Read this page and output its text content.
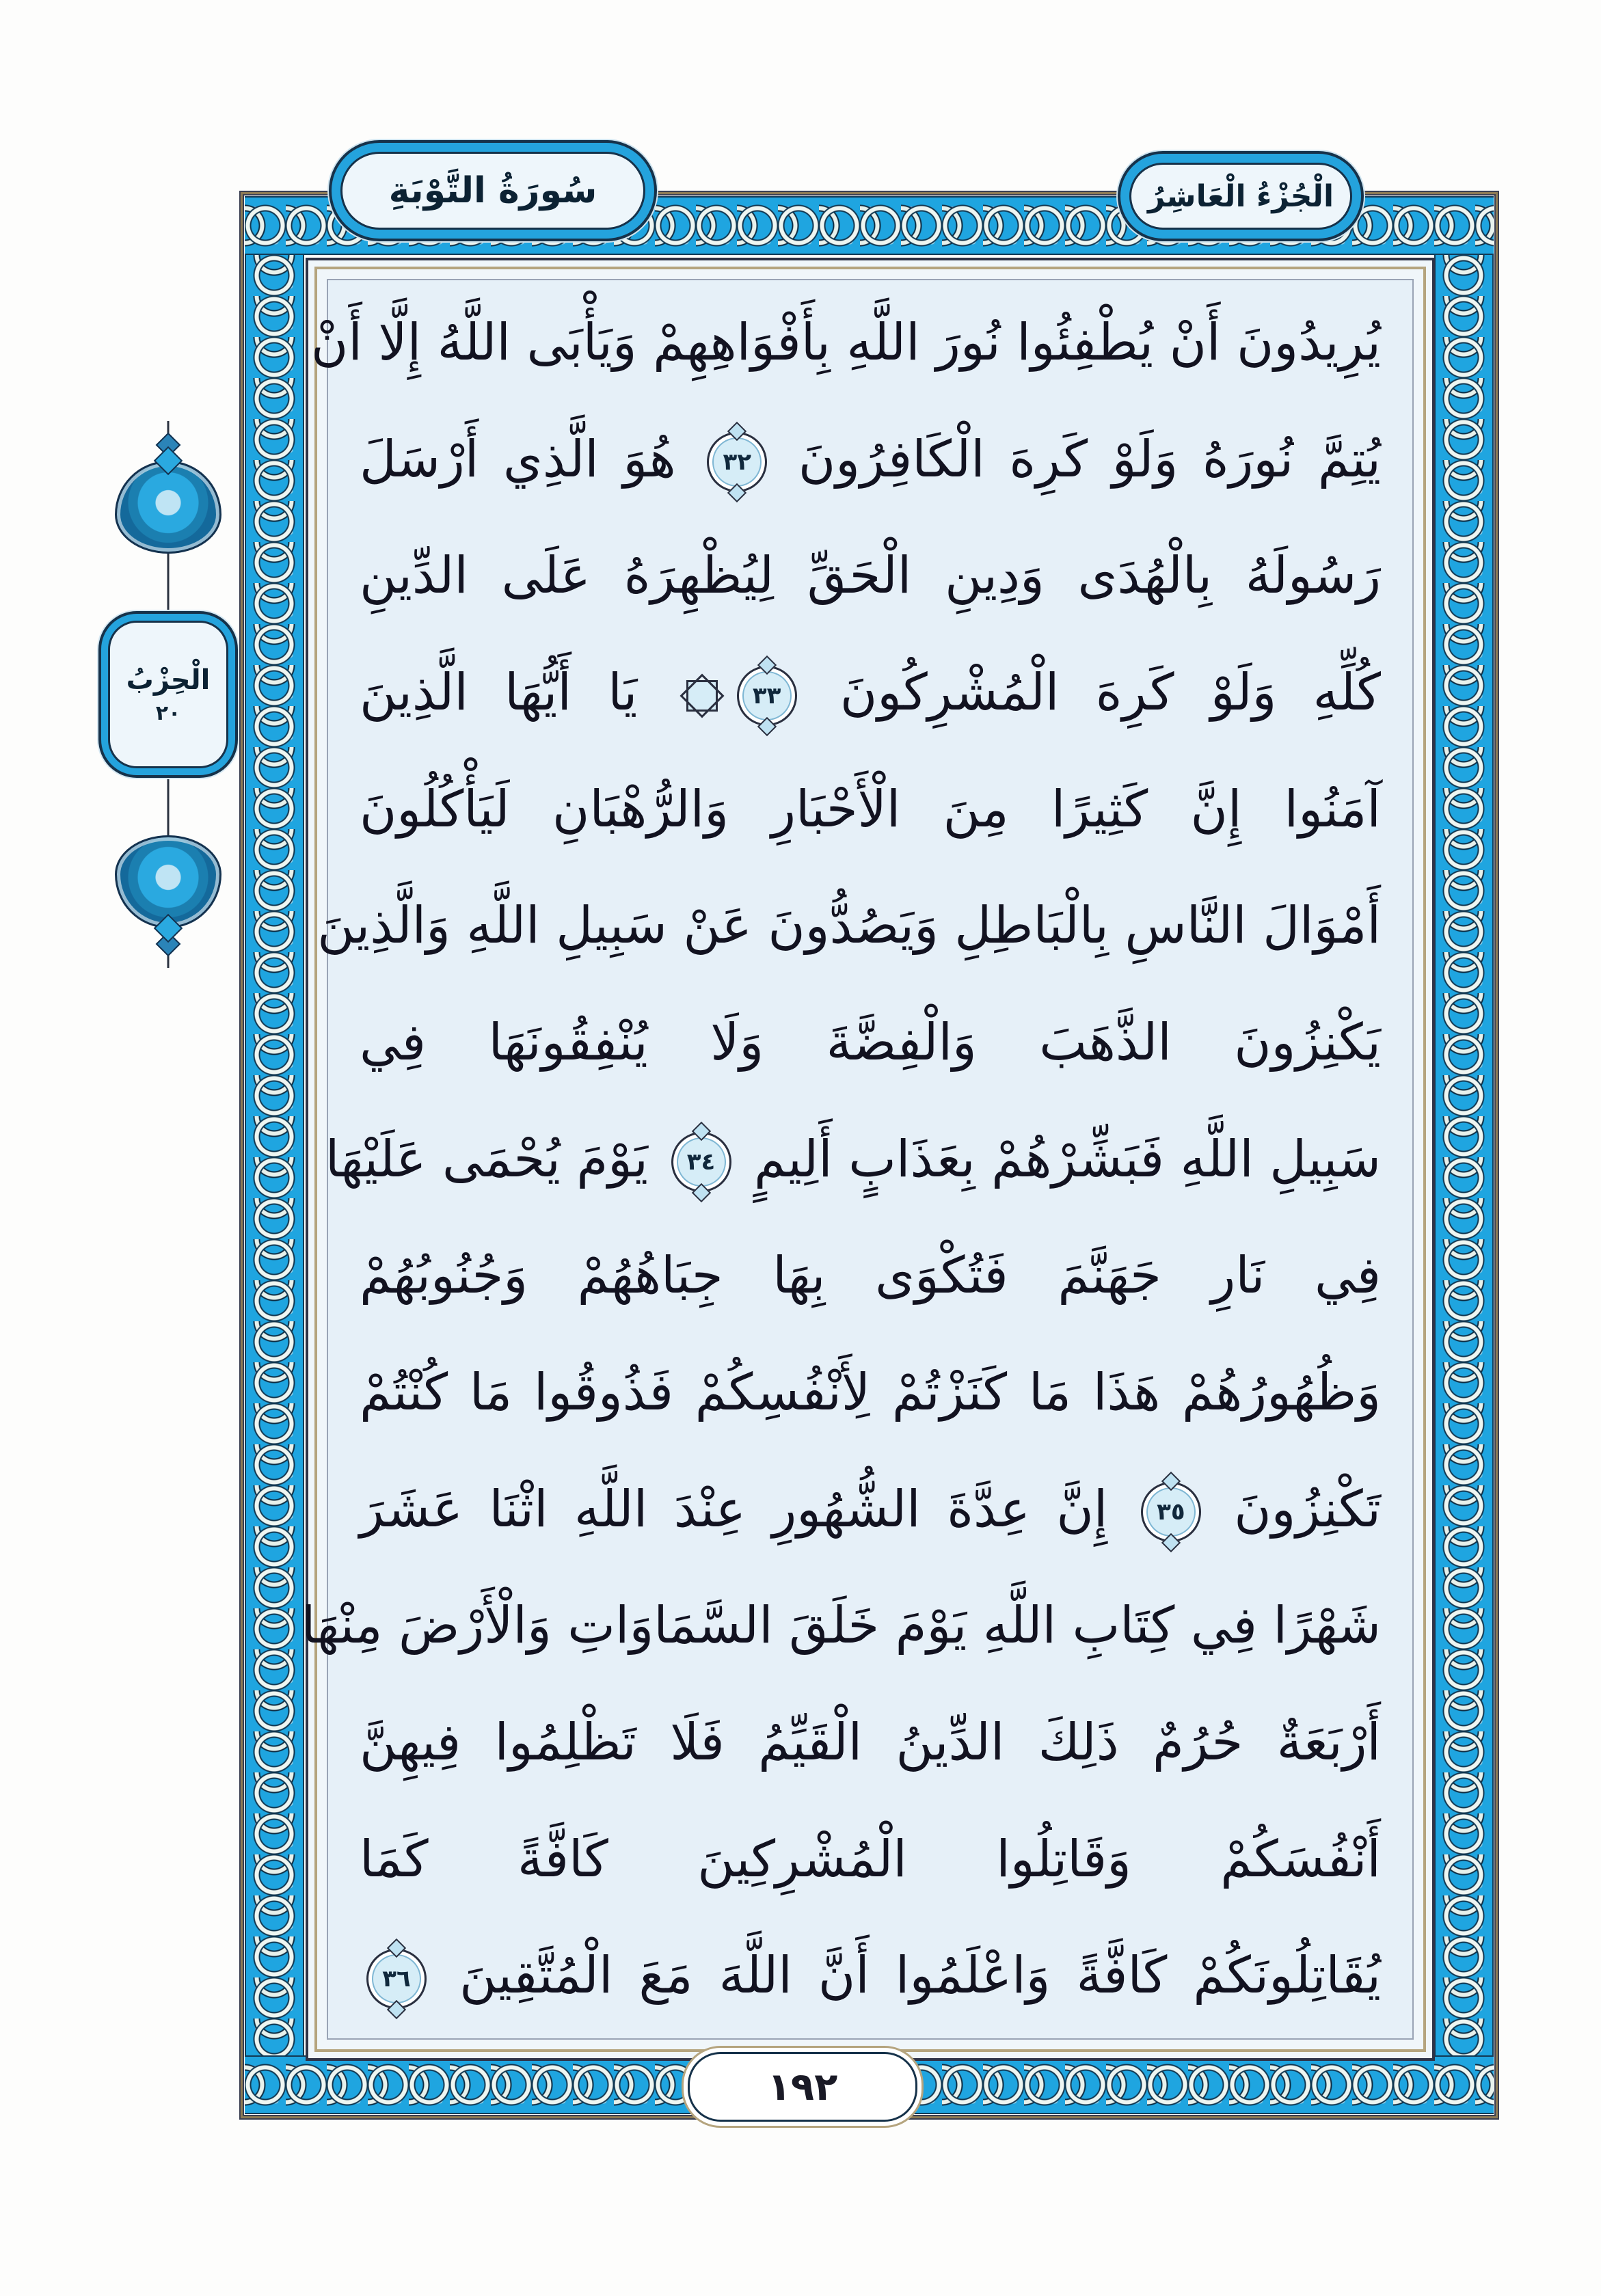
سُورَةُ التَّوْبَةِ	الْجُزْءُ الْعَاشِرُ
الْحِزْبُ
٢٠
يُرِيدُونَ أَنْ يُطْفِئُوا نُورَ اللَّهِ بِأَفْوَاهِهِمْ وَيَأْبَى اللَّهُ إِلَّا أَنْ
يُتِمَّ نُورَهُ وَلَوْ كَرِهَ الْكَافِرُونَ
٣٢
هُوَ الَّذِي أَرْسَلَ
رَسُولَهُ بِالْهُدَى وَدِينِ الْحَقِّ لِيُظْهِرَهُ عَلَى الدِّينِ
كُلِّهِ وَلَوْ كَرِهَ الْمُشْرِكُونَ
٣٣
يَا أَيُّهَا الَّذِينَ
آمَنُوا إِنَّ كَثِيرًا مِنَ الْأَحْبَارِ وَالرُّهْبَانِ لَيَأْكُلُونَ
أَمْوَالَ النَّاسِ بِالْبَاطِلِ وَيَصُدُّونَ عَنْ سَبِيلِ اللَّهِ وَالَّذِينَ
يَكْنِزُونَ الذَّهَبَ وَالْفِضَّةَ وَلَا يُنْفِقُونَهَا فِي
سَبِيلِ اللَّهِ فَبَشِّرْهُمْ بِعَذَابٍ أَلِيمٍ
٣٤
يَوْمَ يُحْمَى عَلَيْهَا
فِي نَارِ جَهَنَّمَ فَتُكْوَى بِهَا جِبَاهُهُمْ وَجُنُوبُهُمْ
وَظُهُورُهُمْ هَذَا مَا كَنَزْتُمْ لِأَنْفُسِكُمْ فَذُوقُوا مَا كُنْتُمْ
تَكْنِزُونَ
٣٥
إِنَّ عِدَّةَ الشُّهُورِ عِنْدَ اللَّهِ اثْنَا عَشَرَ
شَهْرًا فِي كِتَابِ اللَّهِ يَوْمَ خَلَقَ السَّمَاوَاتِ وَالْأَرْضَ مِنْهَا
أَرْبَعَةٌ حُرُمٌ ذَلِكَ الدِّينُ الْقَيِّمُ فَلَا تَظْلِمُوا فِيهِنَّ
أَنْفُسَكُمْ وَقَاتِلُوا الْمُشْرِكِينَ كَافَّةً كَمَا
يُقَاتِلُونَكُمْ كَافَّةً وَاعْلَمُوا أَنَّ اللَّهَ مَعَ الْمُتَّقِينَ
٣٦
١٩٢
